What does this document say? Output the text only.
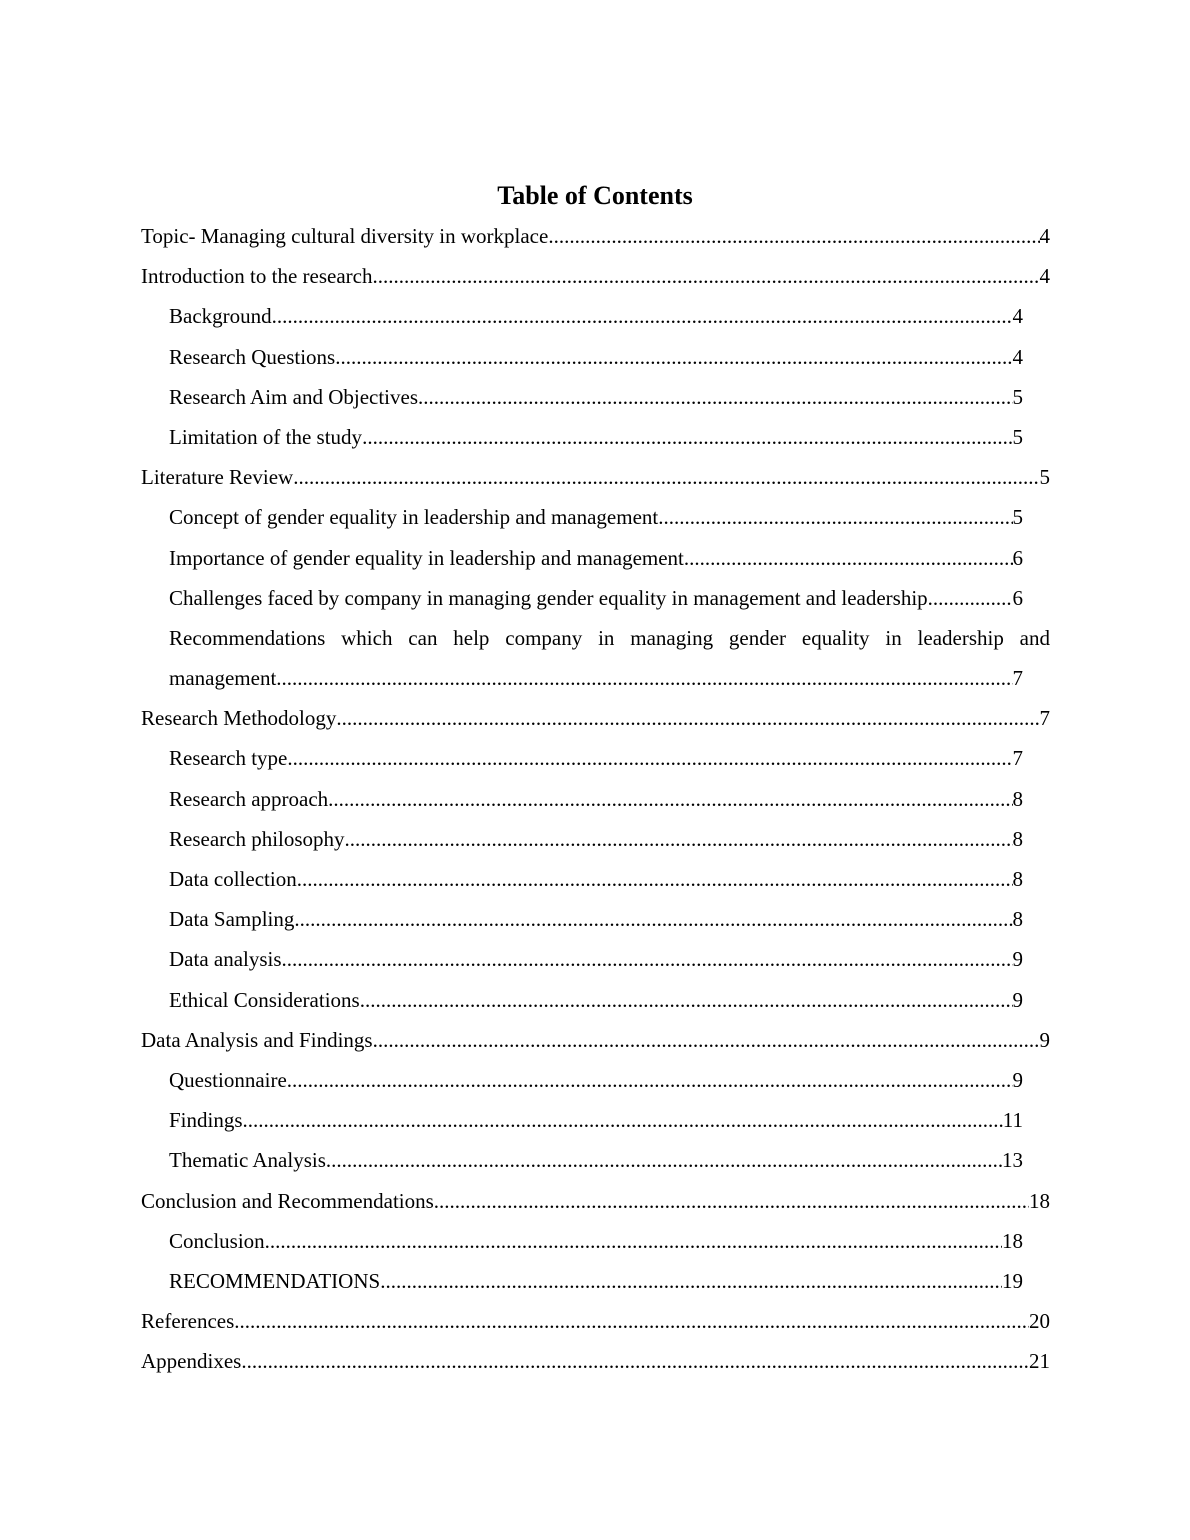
Table of Contents
Topic- Managing cultural diversity in workplace .....	4
Introduction to the research .....	4
Background .....	4
Research Questions .....	4
Research Aim and Objectives .....	5
Limitation of the study .....	5
Literature Review .....	5
Concept of gender equality in leadership and management .....	5
Importance of gender equality in leadership and management .....	6
Challenges faced by company in managing gender equality in management and leadership .....	6
Recommendations which can help company in managing gender equality in leadership and
management .....	7
Research Methodology .....	7
Research type .....	7
Research approach .....	8
Research philosophy .....	8
Data collection .....	8
Data Sampling .....	8
Data analysis .....	9
Ethical Considerations .....	9
Data Analysis and Findings .....	9
Questionnaire .....	9
Findings .....	11
Thematic Analysis .....	13
Conclusion and Recommendations .....	18
Conclusion .....	18
RECOMMENDATIONS .....	19
References .....	20
Appendixes .....	21
